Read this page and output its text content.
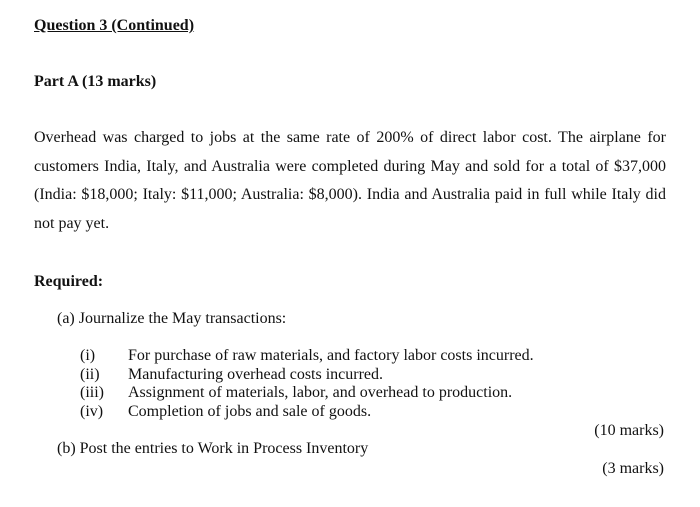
Question 3 (Continued)
Part A (13 marks)
Overhead was charged to jobs at the same rate of 200% of direct labor cost. The airplane for customers India, Italy, and Australia were completed during May and sold for a total of $37,000 (India: $18,000; Italy: $11,000; Australia: $8,000). India and Australia paid in full while Italy did not pay yet.
Required:
(a) Journalize the May transactions:
(i)	For purchase of raw materials, and factory labor costs incurred.
(ii)	Manufacturing overhead costs incurred.
(iii)	Assignment of materials, labor, and overhead to production.
(iv)	Completion of jobs and sale of goods.
(10 marks)
(b) Post the entries to Work in Process Inventory
(3 marks)
